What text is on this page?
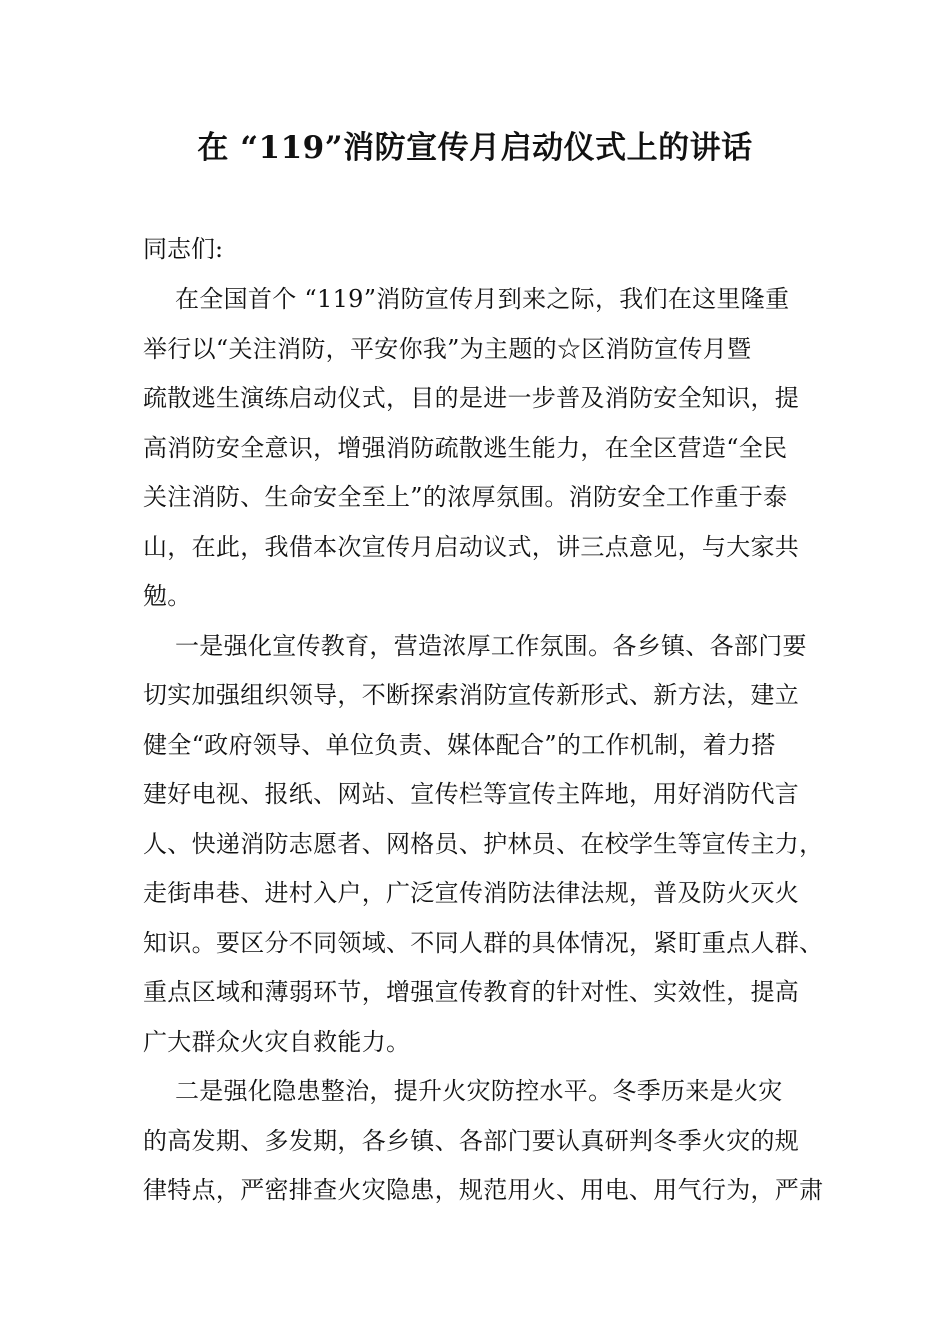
在 “119”消防宣传月启动仪式上的讲话
同志们:
在全国首个 “119”消防宣传月到来之际，我们在这里隆重
举行以“关注消防，平安你我”为主题的☆区消防宣传月暨
疏散逃生演练启动仪式，目的是进一步普及消防安全知识，提
高消防安全意识，增强消防疏散逃生能力，在全区营造“全民
关注消防、生命安全至上”的浓厚氛围。消防安全工作重于泰
山，在此，我借本次宣传月启动议式，讲三点意见，与大家共
勉。
一是强化宣传教育，营造浓厚工作氛围。各乡镇、各部门要
切实加强组织领导，不断探索消防宣传新形式、新方法，建立
健全“政府领导、单位负责、媒体配合”的工作机制，着力搭
建好电视、报纸、网站、宣传栏等宣传主阵地，用好消防代言
人、快递消防志愿者、网格员、护林员、在校学生等宣传主力，
走街串巷、进村入户，广泛宣传消防法律法规，普及防火灭火
知识。要区分不同领域、不同人群的具体情况，紧盯重点人群、
重点区域和薄弱环节，增强宣传教育的针对性、实效性，提高
广大群众火灾自救能力。
二是强化隐患整治，提升火灾防控水平。冬季历来是火灾
的高发期、多发期，各乡镇、各部门要认真研判冬季火灾的规
律特点，严密排查火灾隐患，规范用火、用电、用气行为，严肃
